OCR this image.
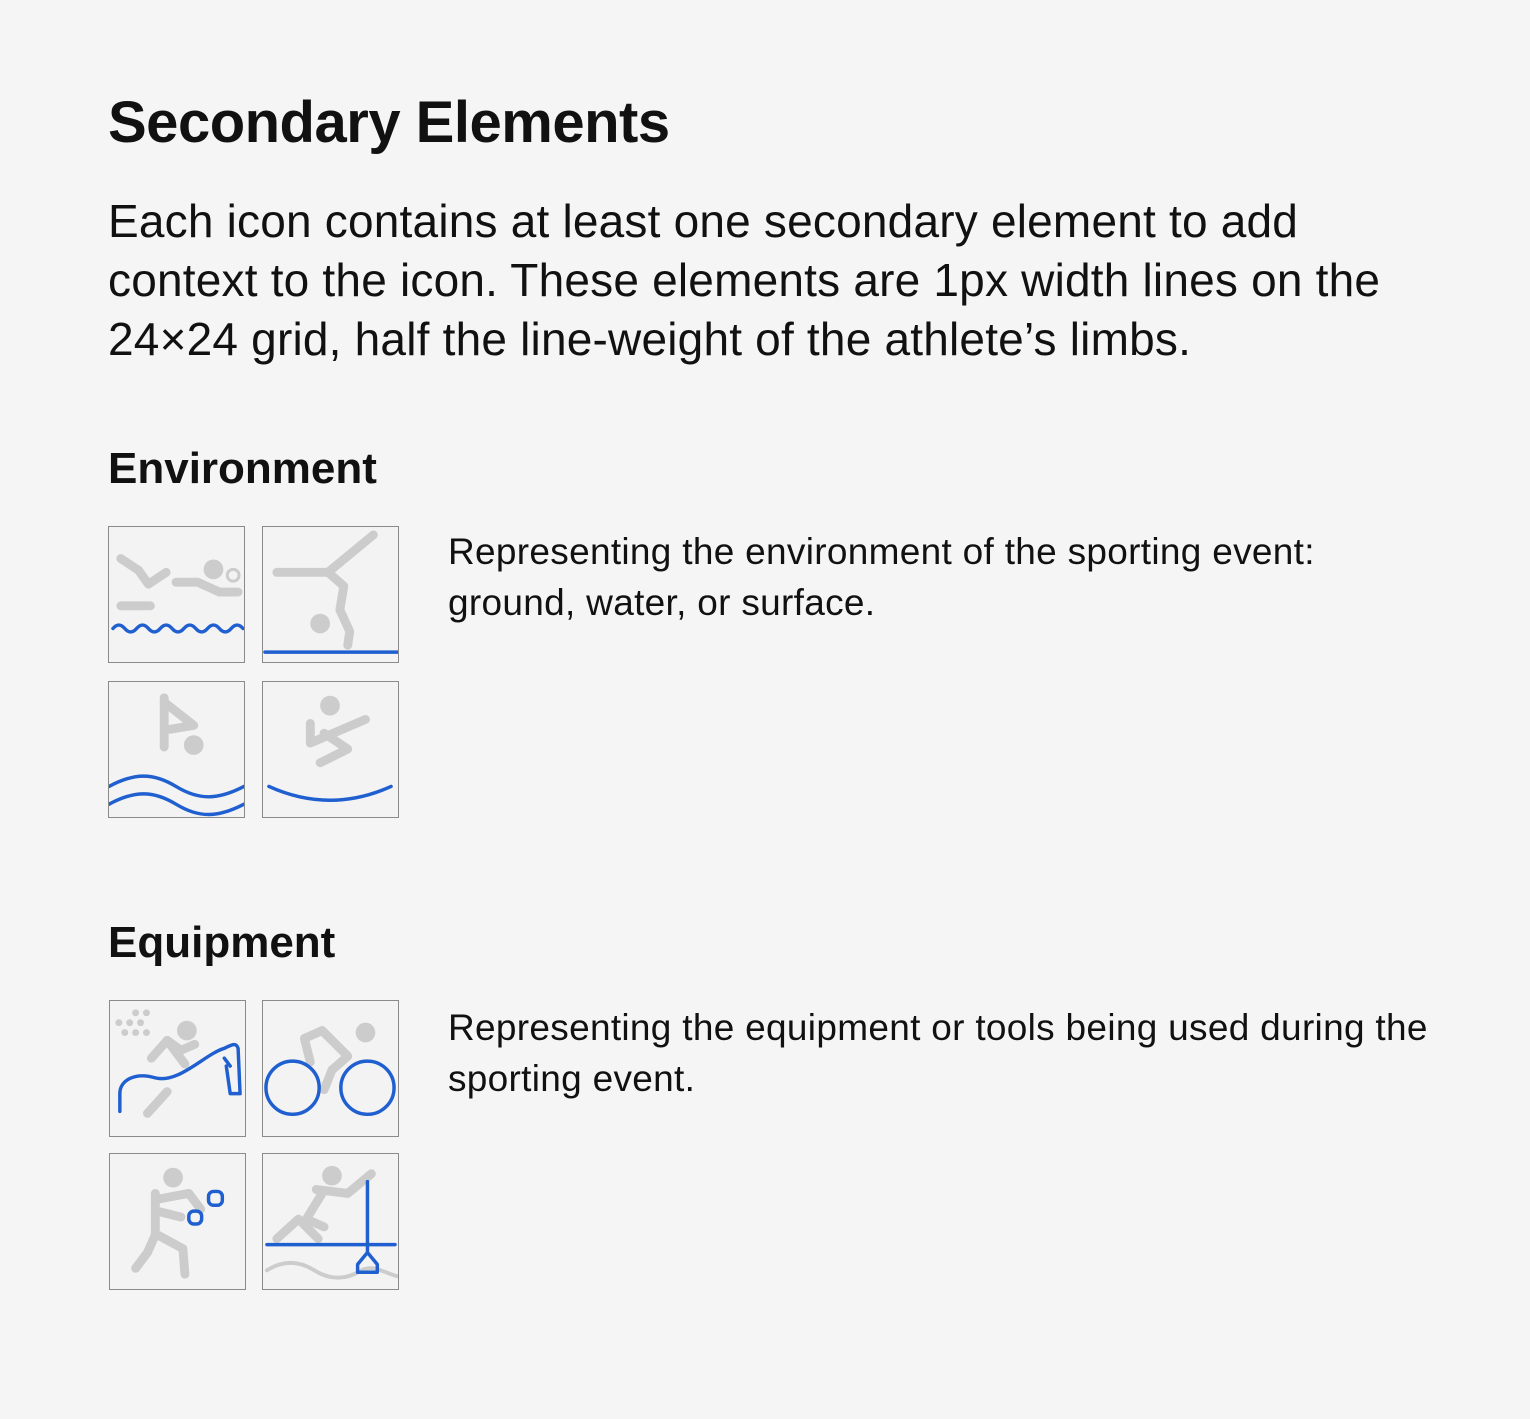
Secondary Elements

Each icon contains at least one secondary element to add context to the icon. These elements are 1px width lines on the 24×24 grid, half the line-weight of the athlete’s limbs.

Environment

Representing the environment of the sporting event: ground, water, or surface.

Equipment

Representing the equipment or tools being used during the sporting event.
